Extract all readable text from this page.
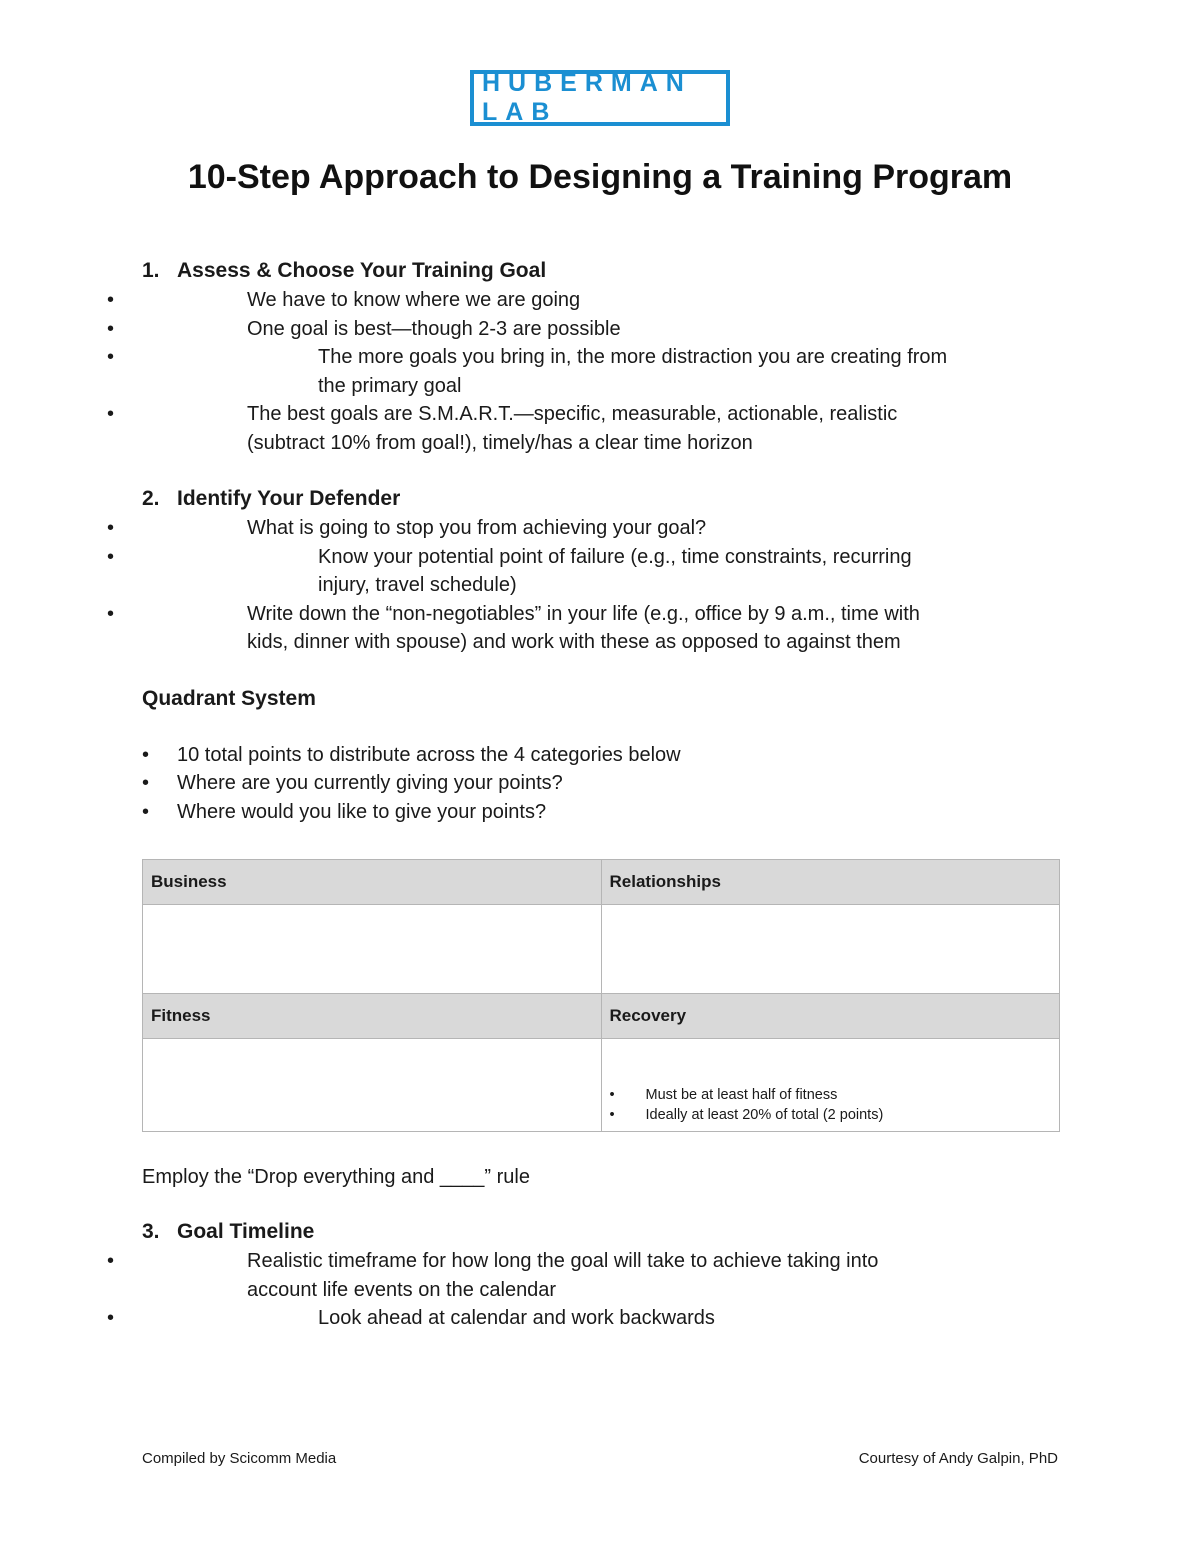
HUBERMAN LAB
10-Step Approach to Designing a Training Program
1. Assess & Choose Your Training Goal
• We have to know where we are going
• One goal is best—though 2-3 are possible
• The more goals you bring in, the more distraction you are creating from
the primary goal
• The best goals are S.M.A.R.T.—specific, measurable, actionable, realistic
(subtract 10% from goal!), timely/has a clear time horizon
2. Identify Your Defender
• What is going to stop you from achieving your goal?
• Know your potential point of failure (e.g., time constraints, recurring
injury, travel schedule)
• Write down the “non-negotiables” in your life (e.g., office by 9 a.m., time with
kids, dinner with spouse) and work with these as opposed to against them
Quadrant System
• 10 total points to distribute across the 4 categories below
• Where are you currently giving your points?
• Where would you like to give your points?
Business	Relationships

Fitness	Recovery

	• Must be at least half of fitness
• Ideally at least 20% of total (2 points)
Employ the “Drop everything and ____” rule
3. Goal Timeline
• Realistic timeframe for how long the goal will take to achieve taking into
account life events on the calendar
• Look ahead at calendar and work backwards
Compiled by Scicomm Media	Courtesy of Andy Galpin, PhD
